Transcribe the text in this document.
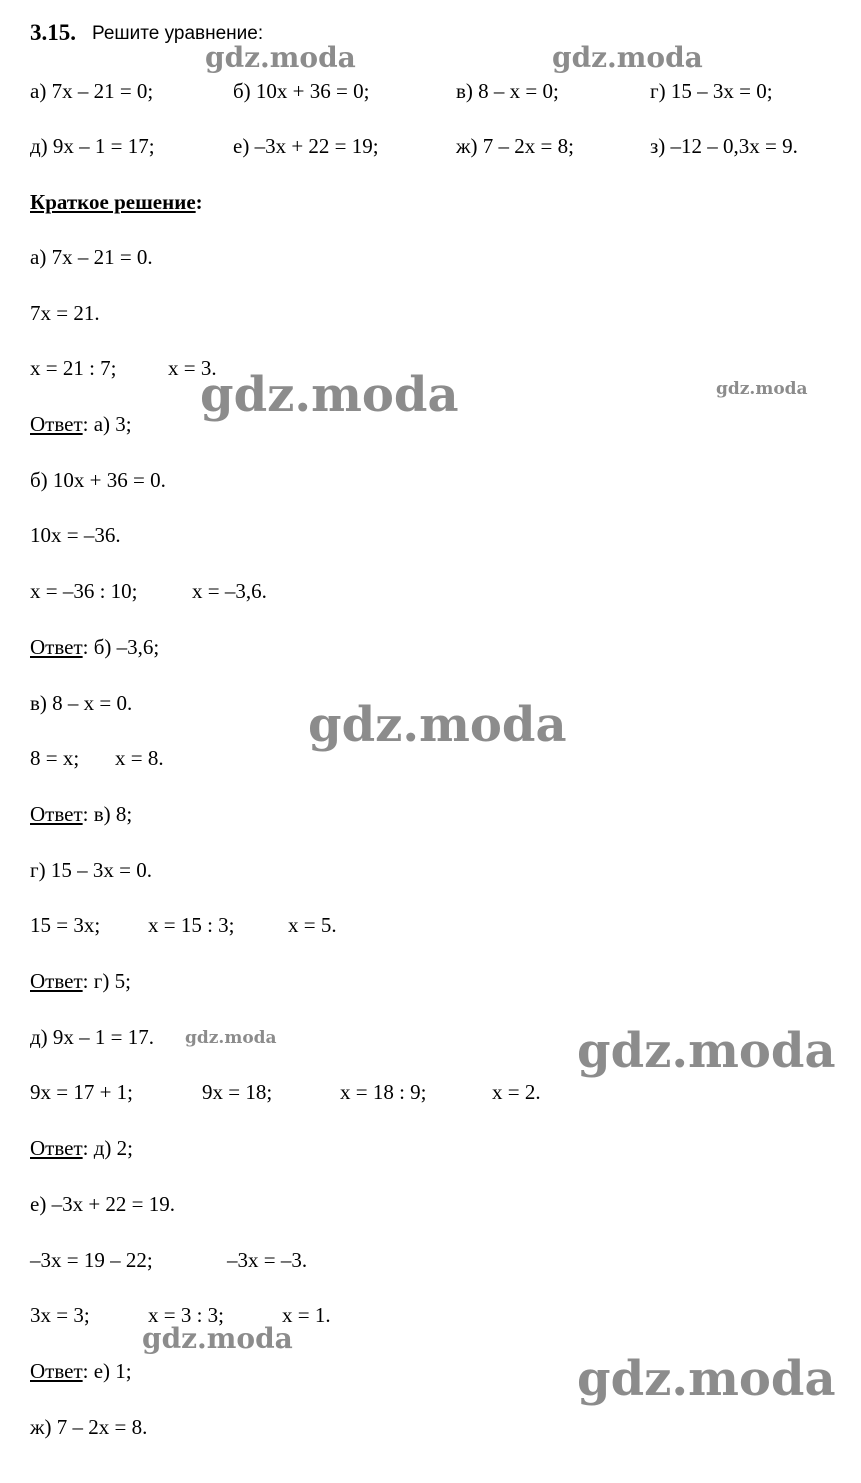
3.15. Решите уравнение:
а) 7x – 21 = 0;	б) 10x + 36 = 0;	в) 8 – x = 0;	г) 15 – 3x = 0;
д) 9x – 1 = 17;	е) –3x + 22 = 19;	ж) 7 – 2x = 8;	з) –12 – 0,3x = 9.
Краткое решение:
а) 7x – 21 = 0.
7x = 21.
x = 21 : 7; x = 3.
Ответ: а) 3;
б) 10x + 36 = 0.
10x = –36.
x = –36 : 10;	x = –3,6.
Ответ: б) –3,6;
в) 8 – x = 0.
8 = x; x = 8.
Ответ: в) 8;
г) 15 – 3x = 0.
15 = 3x; x = 15 : 3;	x = 5.
Ответ: г) 5;
д) 9x – 1 = 17.
9x = 17 + 1;	9x = 18;	x = 18 : 9;	x = 2.
Ответ: д) 2;
е) –3x + 22 = 19.
–3x = 19 – 22;	–3x = –3.
3x = 3;	x = 3 : 3;	x = 1.
Ответ: е) 1;
ж) 7 – 2x = 8.
gdz.moda	gdz.moda
gdz.moda	gdz.moda
gdz.moda
gdz.moda	gdz.moda
gdz.moda
gdz.moda
